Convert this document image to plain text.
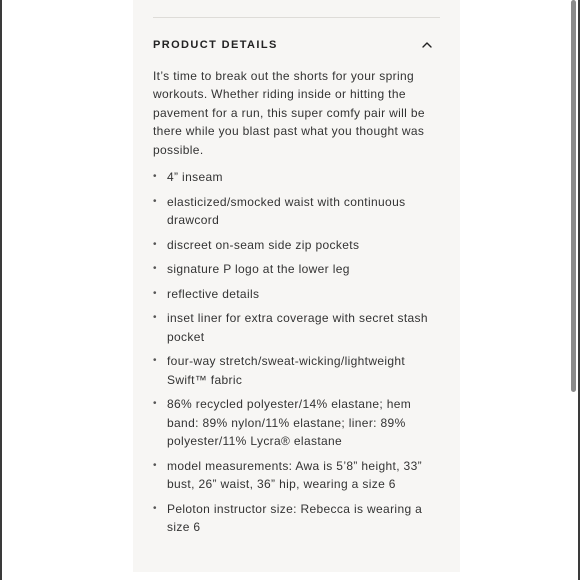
PRODUCT DETAILS

It’s time to break out the shorts for your spring workouts. Whether riding inside or hitting the pavement for a run, this super comfy pair will be there while you blast past what you thought was possible.

• 4” inseam
• elasticized/smocked waist with continuous drawcord
• discreet on-seam side zip pockets
• signature P logo at the lower leg
• reflective details
• inset liner for extra coverage with secret stash pocket
• four-way stretch/sweat-wicking/lightweight Swift™ fabric
• 86% recycled polyester/14% elastane; hem band: 89% nylon/11% elastane; liner: 89% polyester/11% Lycra® elastane
• model measurements: Awa is 5’8” height, 33” bust, 26” waist, 36” hip, wearing a size 6
• Peloton instructor size: Rebecca is wearing a size 6
